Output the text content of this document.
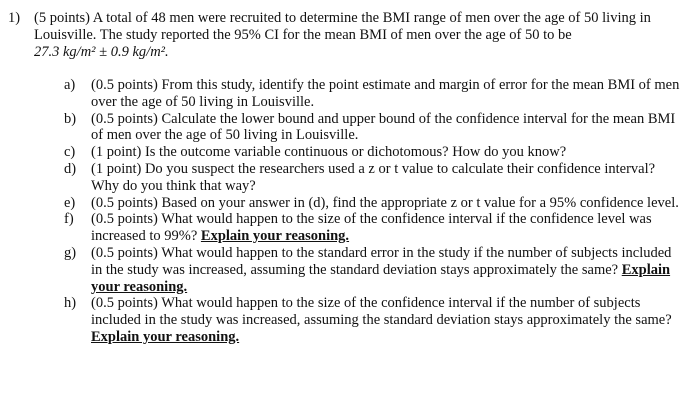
1) (5 points) A total of 48 men were recruited to determine the BMI range of men over the age of 50 living in Louisville. The study reported the 95% CI for the mean BMI of men over the age of 50 to be
27.3 kg/m² ± 0.9 kg/m².
a)	(0.5 points) From this study, identify the point estimate and margin of error for the mean BMI of men over the age of 50 living in Louisville.
b)	(0.5 points) Calculate the lower bound and upper bound of the confidence interval for the mean BMI of men over the age of 50 living in Louisville.
c)	(1 point) Is the outcome variable continuous or dichotomous? How do you know?
d)	(1 point) Do you suspect the researchers used a z or t value to calculate their confidence interval? Why do you think that way?
e)	(0.5 points) Based on your answer in (d), find the appropriate z or t value for a 95% confidence level.
f)	(0.5 points) What would happen to the size of the confidence interval if the confidence level was increased to 99%? Explain your reasoning.
g)	(0.5 points) What would happen to the standard error in the study if the number of subjects included in the study was increased, assuming the standard deviation stays approximately the same? Explain your reasoning.
h)	(0.5 points) What would happen to the size of the confidence interval if the number of subjects included in the study was increased, assuming the standard deviation stays approximately the same? Explain your reasoning.
